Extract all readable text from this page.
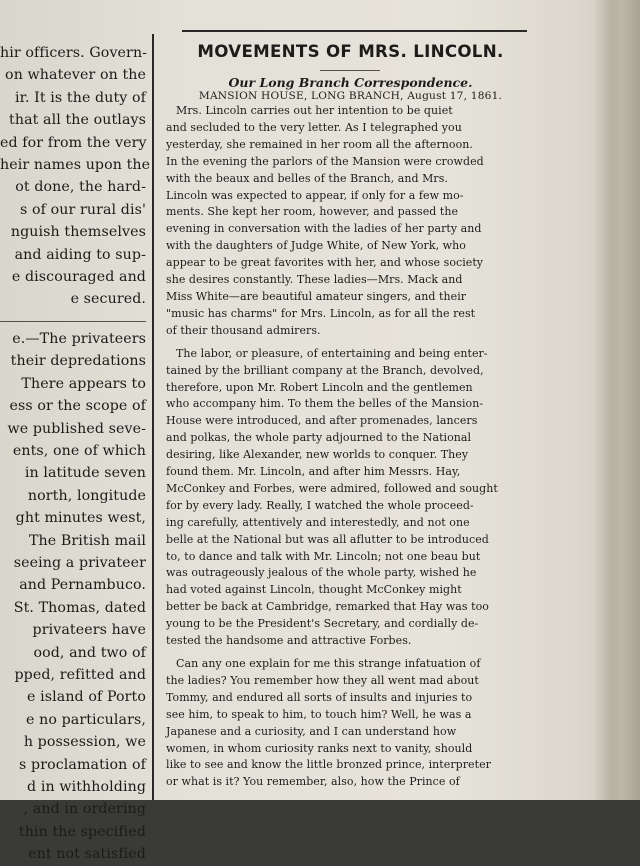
hir officers. Govern-
on whatever on the
ir. It is the duty of
that all the outlays
ed for from the very
heir names upon the
ot done, the hard-
s of our rural dis'
nguish themselves
and aiding to sup-
e discouraged and
e secured.
e.—The privateers
their depredations
There appears to
ess or the scope of
we published seve-
ents, one of which
in latitude seven
north, longitude
ght minutes west,
The British mail
seeing a privateer
and Pernambuco.
St. Thomas, dated
privateers have
ood, and two of
pped, refitted and
e island of Porto
e no particulars,
h possession, we
s proclamation of
d in withholding
, and in ordering
thin the specified
ent not satisfied
MOVEMENTS OF MRS. LINCOLN.
Our Long Branch Correspondence.
MANSION HOUSE, LONG BRANCH, August 17, 1861.
Mrs. Lincoln carries out her intention to be quiet
and secluded to the very letter. As I telegraphed you
yesterday, she remained in her room all the afternoon.
In the evening the parlors of the Mansion were crowded
with the beaux and belles of the Branch, and Mrs.
Lincoln was expected to appear, if only for a few mo-
ments. She kept her room, however, and passed the
evening in conversation with the ladies of her party and
with the daughters of Judge White, of New York, who
appear to be great favorites with her, and whose society
she desires constantly. These ladies—Mrs. Mack and
Miss White—are beautiful amateur singers, and their
"music has charms" for Mrs. Lincoln, as for all the rest
of their thousand admirers.
The labor, or pleasure, of entertaining and being enter-
tained by the brilliant company at the Branch, devolved,
therefore, upon Mr. Robert Lincoln and the gentlemen
who accompany him. To them the belles of the Mansion-
House were introduced, and after promenades, lancers
and polkas, the whole party adjourned to the National
desiring, like Alexander, new worlds to conquer. They
found them. Mr. Lincoln, and after him Messrs. Hay,
McConkey and Forbes, were admired, followed and sought
for by every lady. Really, I watched the whole proceed-
ing carefully, attentively and interestedly, and not one
belle at the National but was all aflutter to be introduced
to, to dance and talk with Mr. Lincoln; not one beau but
was outrageously jealous of the whole party, wished he
had voted against Lincoln, thought McConkey might
better be back at Cambridge, remarked that Hay was too
young to be the President's Secretary, and cordially de-
tested the handsome and attractive Forbes.
Can any one explain for me this strange infatuation of
the ladies? You remember how they all went mad about
Tommy, and endured all sorts of insults and injuries to
see him, to speak to him, to touch him? Well, he was a
Japanese and a curiosity, and I can understand how
women, in whom curiosity ranks next to vanity, should
like to see and know the little bronzed prince, interpreter
or what is it? You remember, also, how the Prince of
